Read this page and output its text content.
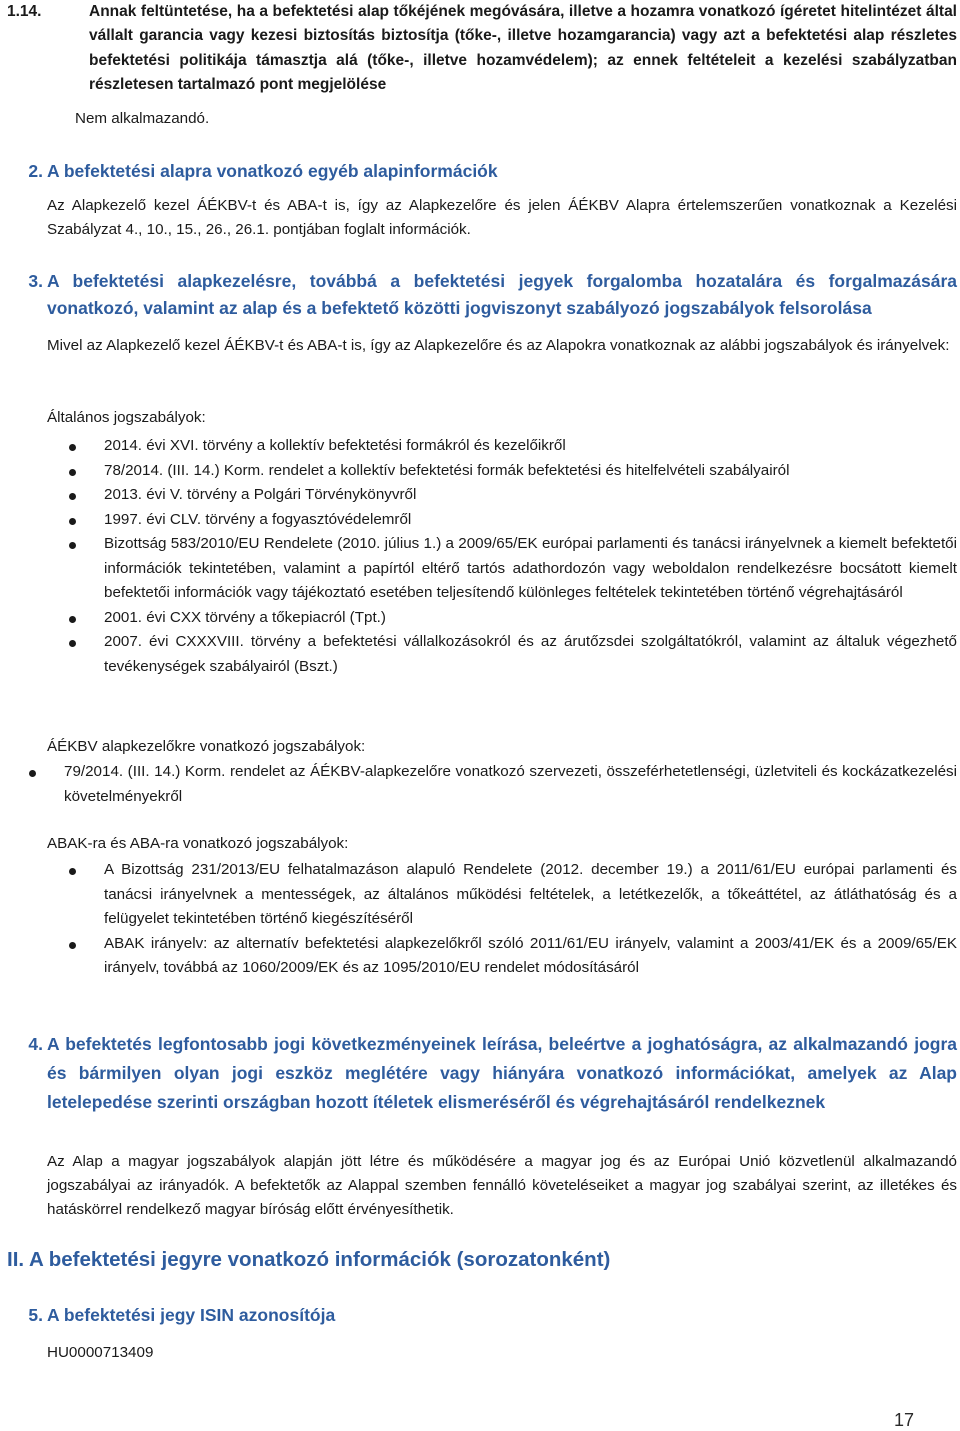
1.14.	Annak feltüntetése, ha a befektetési alap tőkéjének megóvására, illetve a hozamra vonatkozó ígéretet hitelintézet által vállalt garancia vagy kezesi biztosítás biztosítja (tőke-, illetve hozamgarancia) vagy azt a befektetési alap részletes befektetési politikája támasztja alá (tőke-, illetve hozamvédelem); az ennek feltételeit a kezelési szabályzatban részletesen tartalmazó pont megjelölése
Nem alkalmazandó.
2. A befektetési alapra vonatkozó egyéb alapinformációk
Az Alapkezelő kezel ÁÉKBV-t és ABA-t is, így az Alapkezelőre és jelen ÁÉKBV Alapra értelemszerűen vonatkoznak a Kezelési Szabályzat 4., 10., 15., 26., 26.1. pontjában foglalt információk.
3. A befektetési alapkezelésre, továbbá a befektetési jegyek forgalomba hozatalára és forgalmazására vonatkozó, valamint az alap és a befektető közötti jogviszonyt szabályozó jogszabályok felsorolása
Mivel az Alapkezelő kezel ÁÉKBV-t és ABA-t is, így az Alapkezelőre és az Alapokra vonatkoznak az alábbi jogszabályok és irányelvek:
Általános jogszabályok:
2014. évi XVI. törvény a kollektív befektetési formákról és kezelőikről
78/2014. (III. 14.) Korm. rendelet a kollektív befektetési formák befektetési és hitelfelvételi szabályairól
2013. évi V. törvény a Polgári Törvénykönyvről
1997. évi CLV. törvény a fogyasztóvédelemről
Bizottság 583/2010/EU Rendelete (2010. július 1.) a 2009/65/EK európai parlamenti és tanácsi irányelvnek a kiemelt befektetői információk tekintetében, valamint a papírtól eltérő tartós adathordozón vagy weboldalon rendelkezésre bocsátott kiemelt befektetői információk vagy tájékoztató esetében teljesítendő különleges feltételek tekintetében történő végrehajtásáról
2001. évi CXX törvény a tőkepiacról (Tpt.)
2007. évi CXXXVIII. törvény a befektetési vállalkozásokról és az árutőzsdei szolgáltatókról, valamint az általuk végezhető tevékenységek szabályairól (Bszt.)
ÁÉKBV alapkezelőkre vonatkozó jogszabályok:
79/2014. (III. 14.) Korm. rendelet az ÁÉKBV-alapkezelőre vonatkozó szervezeti, összeférhetetlenségi, üzletviteli és kockázatkezelési követelményekről
ABAK-ra és ABA-ra vonatkozó jogszabályok:
A Bizottság 231/2013/EU felhatalmazáson alapuló Rendelete (2012. december 19.) a 2011/61/EU európai parlamenti és tanácsi irányelvnek a mentességek, az általános működési feltételek, a letétkezelők, a tőkeáttétel, az átláthatóság és a felügyelet tekintetében történő kiegészítéséről
ABAK irányelv: az alternatív befektetési alapkezelőkről szóló 2011/61/EU irányelv, valamint a 2003/41/EK és a 2009/65/EK irányelv, továbbá az 1060/2009/EK és az 1095/2010/EU rendelet módosításáról
4. A befektetés legfontosabb jogi következményeinek leírása, beleértve a joghatóságra, az alkalmazandó jogra és bármilyen olyan jogi eszköz meglétére vagy hiányára vonatkozó információkat, amelyek az Alap letelepedése szerinti országban hozott ítéletek elismeréséről és végrehajtásáról rendelkeznek
Az Alap a magyar jogszabályok alapján jött létre és működésére a magyar jog és az Európai Unió közvetlenül alkalmazandó jogszabályai az irányadók. A befektetők az Alappal szemben fennálló követeléseiket a magyar jog szabályai szerint, az illetékes és hatáskörrel rendelkező magyar bíróság előtt érvényesíthetik.
II. A befektetési jegyre vonatkozó információk (sorozatonként)
5. A befektetési jegy ISIN azonosítója
HU0000713409
17
